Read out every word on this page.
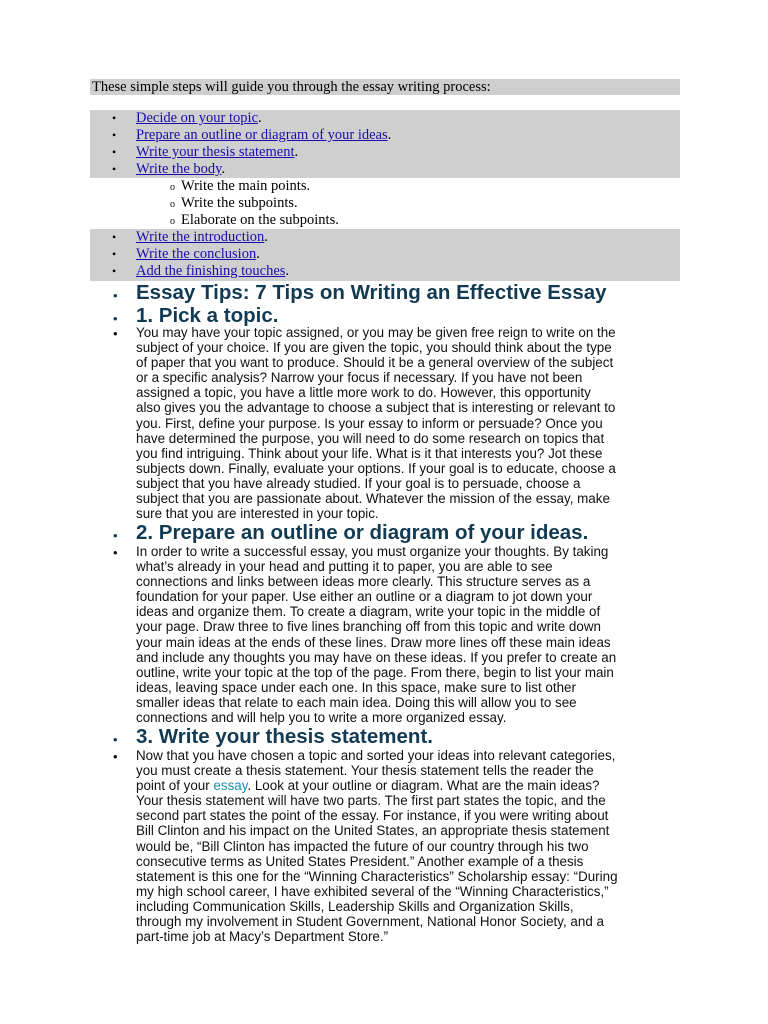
These simple steps will guide you through the essay writing process:
•	Decide on your topic.
•	Prepare an outline or diagram of your ideas.
•	Write your thesis statement.
•	Write the body.
o Write the main points.
o Write the subpoints.
o Elaborate on the subpoints.
•	Write the introduction.
•	Write the conclusion.
•	Add the finishing touches.
• Essay Tips: 7 Tips on Writing an Effective Essay
• 1. Pick a topic.
• You may have your topic assigned, or you may be given free reign to write on the
subject of your choice. If you are given the topic, you should think about the type
of paper that you want to produce. Should it be a general overview of the subject
or a specific analysis? Narrow your focus if necessary. If you have not been
assigned a topic, you have a little more work to do. However, this opportunity
also gives you the advantage to choose a subject that is interesting or relevant to
you. First, define your purpose. Is your essay to inform or persuade? Once you
have determined the purpose, you will need to do some research on topics that
you find intriguing. Think about your life. What is it that interests you? Jot these
subjects down. Finally, evaluate your options. If your goal is to educate, choose a
subject that you have already studied. If your goal is to persuade, choose a
subject that you are passionate about. Whatever the mission of the essay, make
sure that you are interested in your topic.
• 2. Prepare an outline or diagram of your ideas.
• In order to write a successful essay, you must organize your thoughts. By taking
what’s already in your head and putting it to paper, you are able to see
connections and links between ideas more clearly. This structure serves as a
foundation for your paper. Use either an outline or a diagram to jot down your
ideas and organize them. To create a diagram, write your topic in the middle of
your page. Draw three to five lines branching off from this topic and write down
your main ideas at the ends of these lines. Draw more lines off these main ideas
and include any thoughts you may have on these ideas. If you prefer to create an
outline, write your topic at the top of the page. From there, begin to list your main
ideas, leaving space under each one. In this space, make sure to list other
smaller ideas that relate to each main idea. Doing this will allow you to see
connections and will help you to write a more organized essay.
• 3. Write your thesis statement.
• Now that you have chosen a topic and sorted your ideas into relevant categories,
you must create a thesis statement. Your thesis statement tells the reader the
point of your essay. Look at your outline or diagram. What are the main ideas?
Your thesis statement will have two parts. The first part states the topic, and the
second part states the point of the essay. For instance, if you were writing about
Bill Clinton and his impact on the United States, an appropriate thesis statement
would be, “Bill Clinton has impacted the future of our country through his two
consecutive terms as United States President.” Another example of a thesis
statement is this one for the “Winning Characteristics” Scholarship essay: “During
my high school career, I have exhibited several of the “Winning Characteristics,”
including Communication Skills, Leadership Skills and Organization Skills,
through my involvement in Student Government, National Honor Society, and a
part-time job at Macy’s Department Store.”
